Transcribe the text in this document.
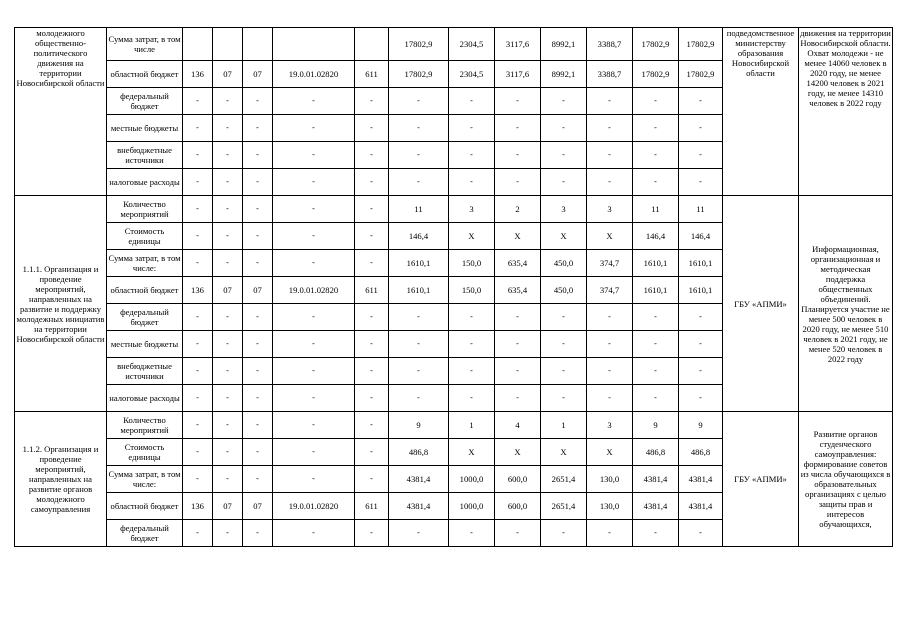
молодежного общественно-политического движения на территории Новосибирской области	Сумма затрат, в том числе						17802,9	2304,5	3117,6	8992,1	3388,7	17802,9	17802,9	подведомственное министерству образования Новосибирской области	движения на территории Новосибирской области. Охват молодежи - не менее 14060 человек в 2020 году, не менее 14200 человек в 2021 году, не менее 14310 человек в 2022 году
	областной бюджет	136	07	07	19.0.01.02820	611	17802,9	2304,5	3117,6	8992,1	3388,7	17802,9	17802,9		
	федеральный бюджет	-	-	-	-	-	-	-	-	-	-	-	-		
	местные бюджеты	-	-	-	-	-	-	-	-	-	-	-	-		
	внебюджетные источники	-	-	-	-	-	-	-	-	-	-	-	-		
	налоговые расходы	-	-	-	-	-	-	-	-	-	-	-	-		
1.1.1. Организация и проведение мероприятий, направленных на развитие и поддержку молодежных инициатив на территории Новосибирской области	Количество мероприятий	-	-	-	-	-	11	3	2	3	3	11	11	ГБУ «АПМИ»	Информационная, организационная и методическая поддержка общественных объединений. Планируется участие не менее 500 человек в 2020 году, не менее 510 человек в 2021 году, не менее 520 человек в 2022 году
	Стоимость единицы	-	-	-	-	-	146,4	X	X	X	X	146,4	146,4		
	Сумма затрат, в том числе:	-	-	-	-	-	1610,1	150,0	635,4	450,0	374,7	1610,1	1610,1		
	областной бюджет	136	07	07	19.0.01.02820	611	1610,1	150,0	635,4	450,0	374,7	1610,1	1610,1		
	федеральный бюджет	-	-	-	-	-	-	-	-	-	-	-	-		
	местные бюджеты	-	-	-	-	-	-	-	-	-	-	-	-		
	внебюджетные источники	-	-	-	-	-	-	-	-	-	-	-	-		
	налоговые расходы	-	-	-	-	-	-	-	-	-	-	-	-		
1.1.2. Организация и проведение мероприятий, направленных на развитие органов молодежного самоуправления	Количество мероприятий	-	-	-	-	-	9	1	4	1	3	9	9	ГБУ «АПМИ»	Развитие органов студенческого самоуправления: формирование советов из числа обучающихся в образовательных организациях с целью защиты прав и интересов обучающихся,
	Стоимость единицы	-	-	-	-	-	486,8	X	X	X	X	486,8	486,8		
	Сумма затрат, в том числе:	-	-	-	-	-	4381,4	1000,0	600,0	2651,4	130,0	4381,4	4381,4		
	областной бюджет	136	07	07	19.0.01.02820	611	4381,4	1000,0	600,0	2651,4	130,0	4381,4	4381,4		
	федеральный бюджет	-	-	-	-	-	-	-	-	-	-	-	-		
